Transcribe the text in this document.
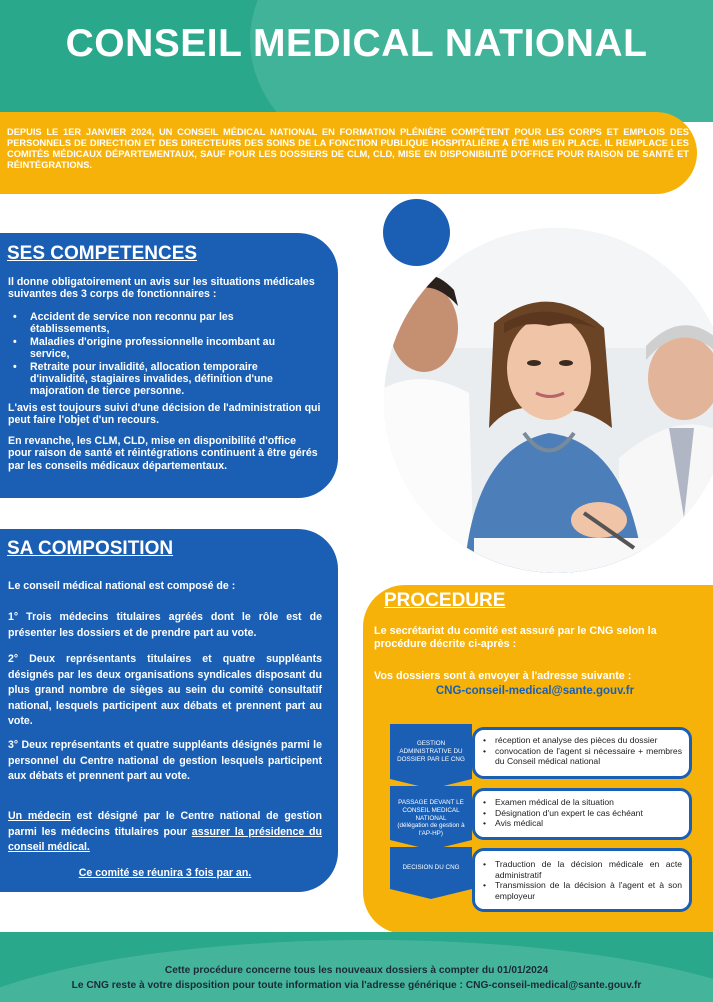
CONSEIL MEDICAL NATIONAL

DEPUIS LE 1ER JANVIER 2024, UN CONSEIL MÉDICAL NATIONAL EN FORMATION PLÉNIÈRE COMPÉTENT POUR LES CORPS ET EMPLOIS DES PERSONNELS DE DIRECTION ET DES DIRECTEURS DES SOINS DE LA FONCTION PUBLIQUE HOSPITALIÈRE A ÉTÉ MIS EN PLACE. IL REMPLACE LES COMITÉS MÉDICAUX DÉPARTEMENTAUX, SAUF POUR LES DOSSIERS DE CLM, CLD, MISE EN DISPONIBILITÉ D'OFFICE POUR RAISON DE SANTÉ ET RÉINTÉGRATIONS.

SES COMPETENCES

Il donne obligatoirement un avis sur les situations médicales suivantes des 3 corps de fonctionnaires :

• Accident de service non reconnu par les établissements,
• Maladies d'origine professionnelle incombant au service,
• Retraite pour invalidité, allocation temporaire d'invalidité, stagiaires invalides, définition d'une majoration de tierce personne.

L'avis est toujours suivi d'une décision de l'administration qui peut faire l'objet d'un recours.

En revanche, les CLM, CLD, mise en disponibilité d'office pour raison de santé et réintégrations continuent à être gérés par les conseils médicaux départementaux.

SA COMPOSITION

Le conseil médical national est composé de :

1° Trois médecins titulaires agréés dont le rôle est de présenter les dossiers et de prendre part au vote.

2° Deux représentants titulaires et quatre suppléants désignés par les deux organisations syndicales disposant du plus grand nombre de sièges au sein du comité consultatif national, lesquels participent aux débats et prennent part au vote.

3° Deux représentants et quatre suppléants désignés parmi le personnel du Centre national de gestion lesquels participent aux débats et prennent part au vote.

Un médecin est désigné par le Centre national de gestion parmi les médecins titulaires pour assurer la présidence du conseil médical.

Ce comité se réunira 3 fois par an.

PROCEDURE

Le secrétariat du comité est assuré par le CNG selon la procédure décrite ci-après :

Vos dossiers sont à envoyer à l'adresse suivante :

CNG-conseil-medical@sante.gouv.fr

GESTION ADMINISTRATIVE DU DOSSIER PAR LE CNG
• réception et analyse des pièces du dossier
• convocation de l'agent si nécessaire + membres du Conseil médical national
PASSAGE DEVANT LE CONSEIL MEDICAL NATIONAL
(délégation de gestion à l'AP-HP)
• Examen médical de la situation
• Désignation d'un expert le cas échéant
• Avis médical
DECISION DU CNG
•	Traduction de la décision médicale en acte administratif
• Transmission de la décision à l'agent et à son employeur

Cette procédure concerne tous les nouveaux dossiers à compter du 01/01/2024

Le CNG reste à votre disposition pour toute information via l'adresse générique : CNG-conseil-medical@sante.gouv.fr
